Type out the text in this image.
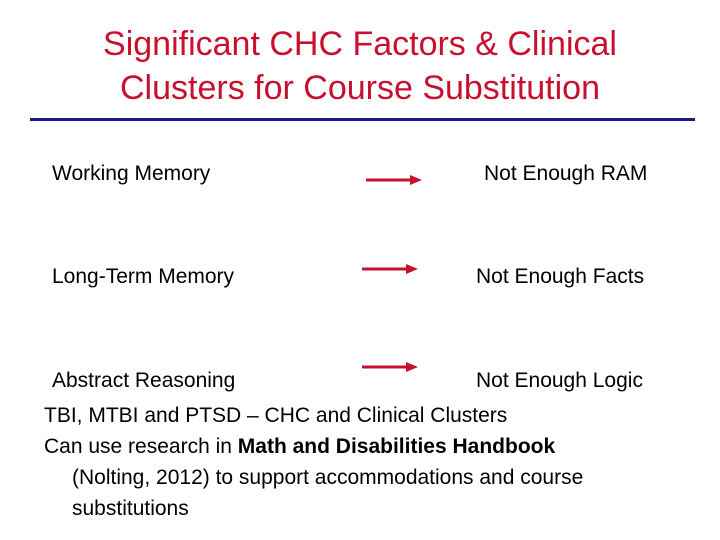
Significant CHC Factors & Clinical
Clusters for Course Substitution
Working Memory	Not Enough RAM
Long-Term Memory	Not Enough Facts
Abstract Reasoning	Not Enough Logic

TBI, MTBI and PTSD – CHC and Clinical Clusters

Can use research in Math and Disabilities Handbook

(Nolting, 2012) to support accommodations and course

substitutions
